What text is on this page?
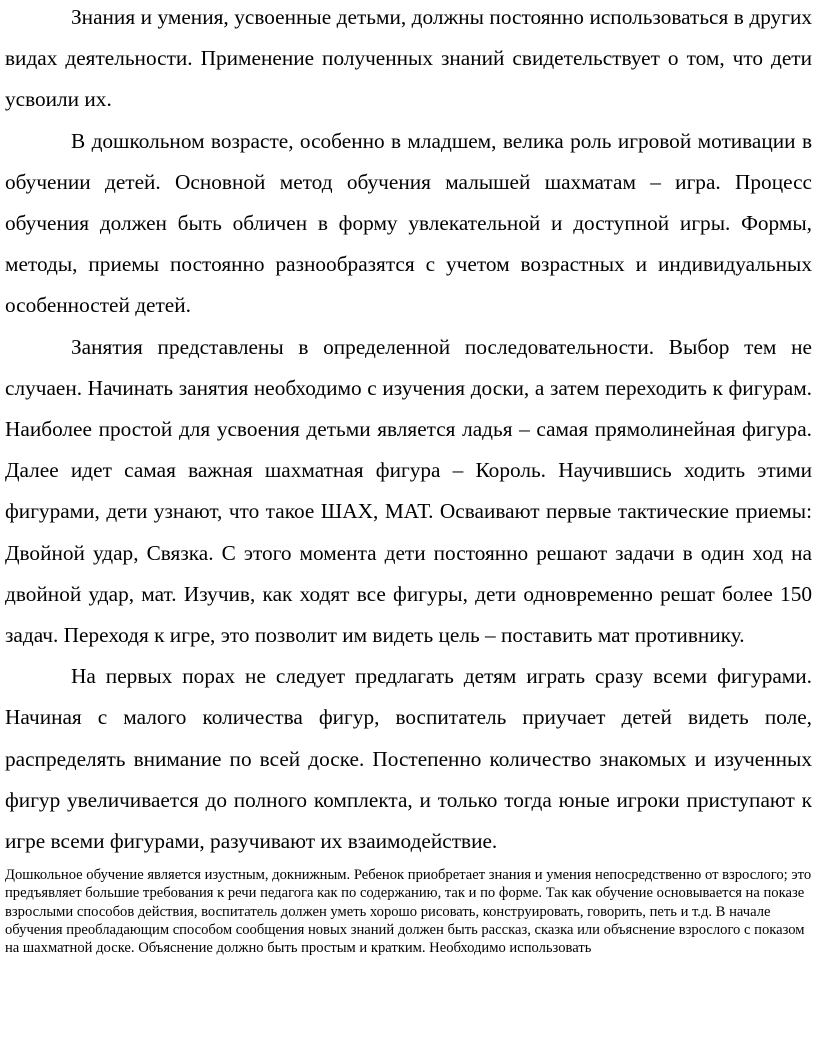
Знания и умения, усвоенные детьми, должны постоянно использоваться в других видах деятельности. Применение полученных знаний свидетельствует о том, что дети усвоили их.

В дошкольном возрасте, особенно в младшем, велика роль игровой мотивации в обучении детей. Основной метод обучения малышей шахматам – игра. Процесс обучения должен быть обличен в форму увлекательной и доступной игры. Формы, методы, приемы постоянно разнообразятся с учетом возрастных и индивидуальных особенностей детей.

Занятия представлены в определенной последовательности. Выбор тем не случаен. Начинать занятия необходимо с изучения доски, а затем переходить к фигурам. Наиболее простой для усвоения детьми является ладья – самая прямолинейная фигура. Далее идет самая важная шахматная фигура – Король. Научившись ходить этими фигурами, дети узнают, что такое ШАХ, МАТ. Осваивают первые тактические приемы: Двойной удар, Связка. С этого момента дети постоянно решают задачи в один ход на двойной удар, мат. Изучив, как ходят все фигуры, дети одновременно решат более 150 задач. Переходя к игре, это позволит им видеть цель – поставить мат противнику.

На первых порах не следует предлагать детям играть сразу всеми фигурами. Начиная с малого количества фигур, воспитатель приучает детей видеть поле, распределять внимание по всей доске. Постепенно количество знакомых и изученных фигур увеличивается до полного комплекта, и только тогда юные игроки приступают к игре всеми фигурами, разучивают их взаимодействие.

Дошкольное обучение является изустным, докнижным. Ребенок приобретает знания и умения непосредственно от взрослого; это предъявляет большие требования к речи педагога как по содержанию, так и по форме. Так как обучение основывается на показе взрослыми способов действия, воспитатель должен уметь хорошо рисовать, конструировать, говорить, петь и т.д. В начале обучения преобладающим способом сообщения новых знаний должен быть рассказ, сказка или объяснение взрослого с показом на шахматной доске. Объяснение должно быть простым и кратким. Необходимо использовать
